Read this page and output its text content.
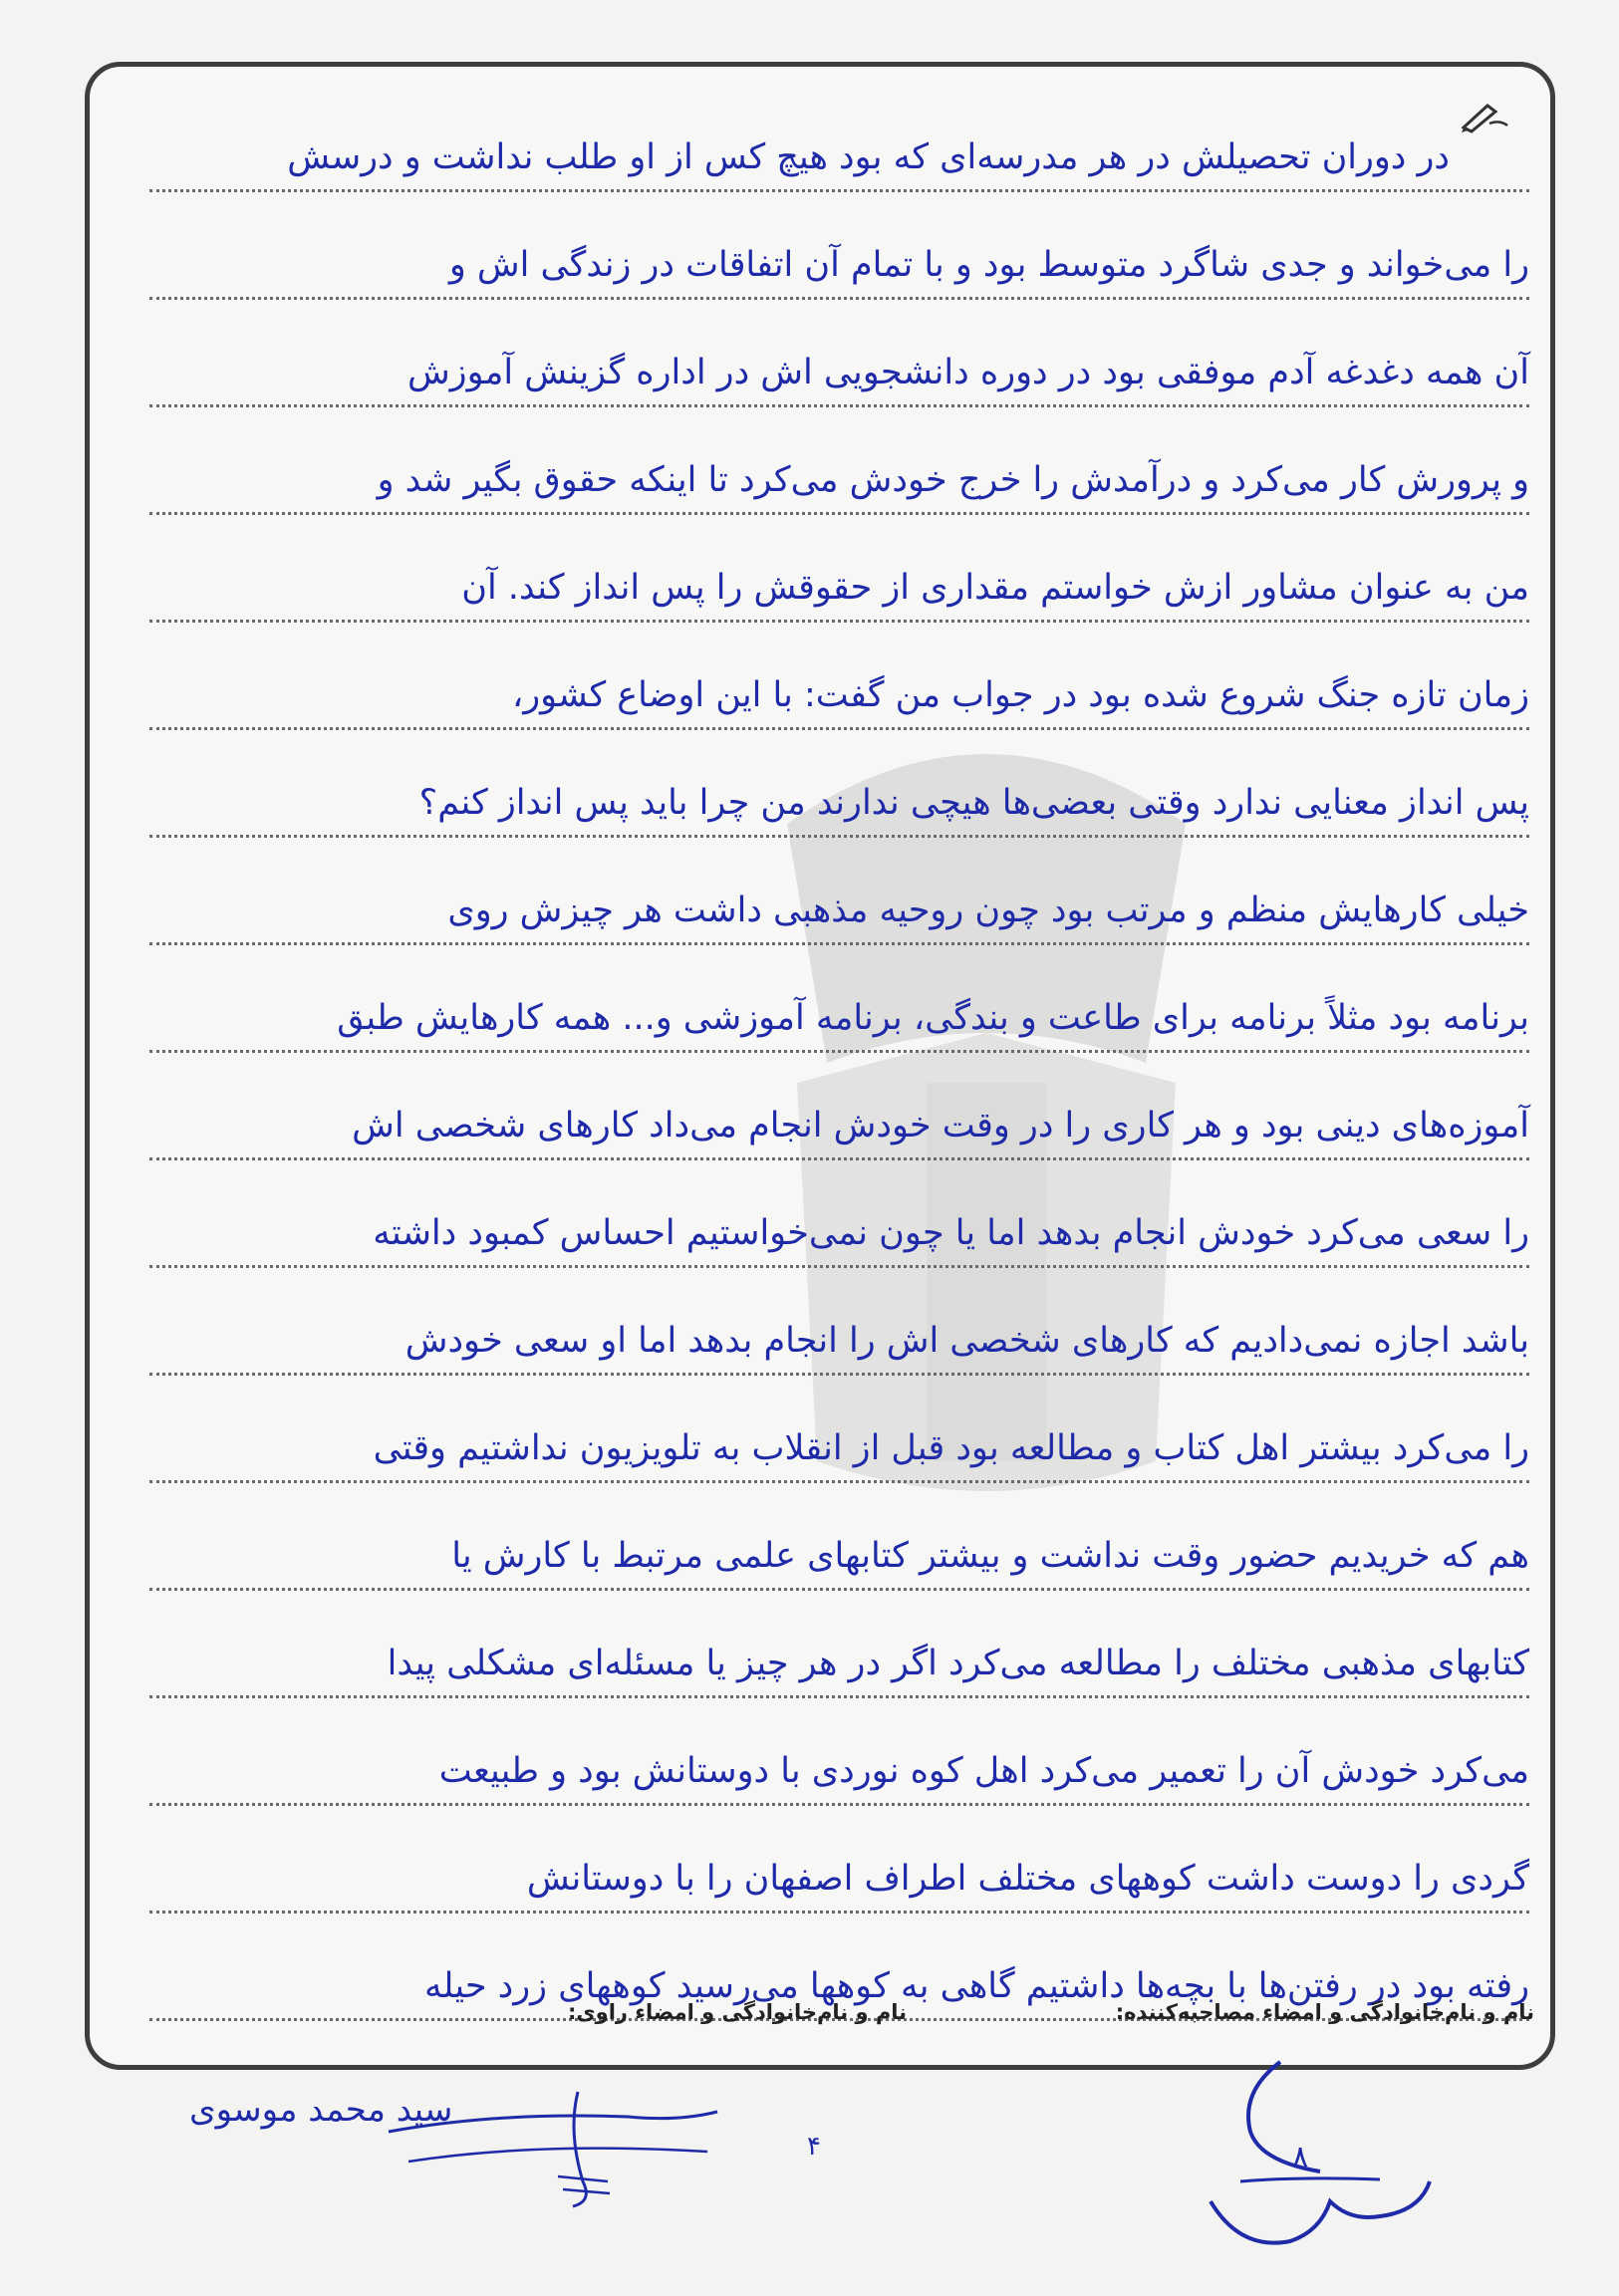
در دوران تحصیلش در هر مدرسه‌ای که بود هیچ کس از او طلب نداشت و درسش
را می‌خواند و جدی شاگرد متوسط بود و با تمام آن اتفاقات در زندگی اش و
آن همه دغدغه آدم موفقی بود در دوره دانشجویی اش در اداره گزینش آموزش
و پرورش کار می‌کرد و درآمدش را خرج خودش می‌کرد تا اینکه حقوق بگیر شد و
من به عنوان مشاور ازش خواستم مقداری از حقوقش را پس انداز کند. آن
زمان تازه جنگ شروع شده بود در جواب من گفت: با این اوضاع کشور،
پس انداز معنایی ندارد وقتی بعضی‌ها هیچی ندارند من چرا باید پس انداز کنم؟
خیلی کارهایش منظم و مرتب بود چون روحیه مذهبی داشت هر چیزش روی
برنامه بود مثلاً برنامه برای طاعت و بندگی، برنامه آموزشی و... همه کارهایش طبق
آموزه‌های دینی بود و هر کاری را در وقت خودش انجام می‌داد کارهای شخصی اش
را سعی می‌کرد خودش انجام بدهد اما یا چون نمی‌خواستیم احساس کمبود داشته
باشد اجازه نمی‌دادیم که کارهای شخصی اش را انجام بدهد اما او سعی خودش
را می‌کرد بیشتر اهل کتاب و مطالعه بود قبل از انقلاب به تلویزیون نداشتیم وقتی
هم که خریدیم حضور وقت نداشت و بیشتر کتابهای علمی مرتبط با کارش یا
کتابهای مذهبی مختلف را مطالعه می‌کرد اگر در هر چیز یا مسئله‌ای مشکلی پیدا
می‌کرد خودش آن را تعمیر می‌کرد اهل کوه نوردی با دوستانش بود و طبیعت
گردی را دوست داشت کوههای مختلف اطراف اصفهان را با دوستانش
رفته بود در رفتن‌ها با بچه‌ها داشتیم گاهی به کوهها می‌رسید کوههای زرد حیله
نام و نام‌خانوادگی و امضاء مصاحبه‌کننده:
نام و نام‌خانوادگی و امضاء راوی:
سید محمد موسوی
۴	۸
